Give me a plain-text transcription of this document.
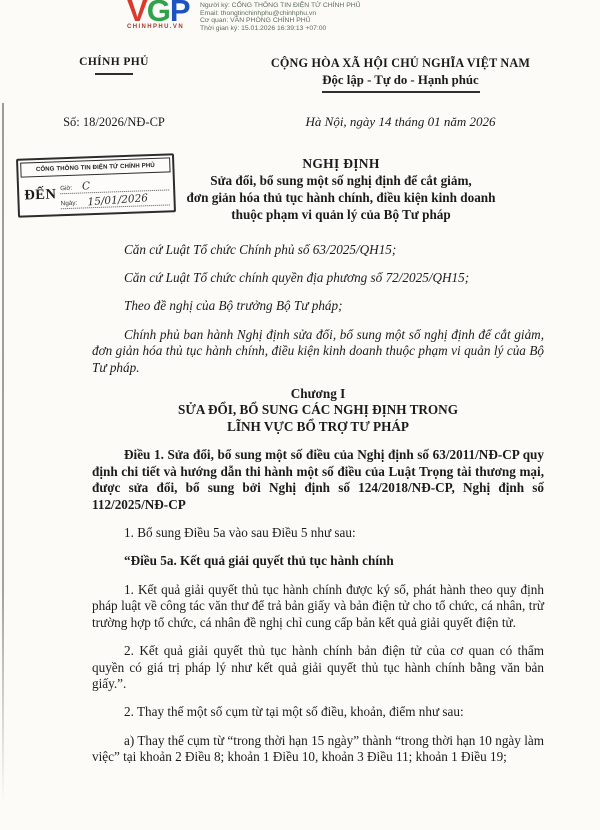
VGP
CHINHPHU.VN
Người ký: CỔNG THÔNG TIN ĐIỆN TỬ CHÍNH PHỦ
Email: thongtinchinhphu@chinhphu.vn
Cơ quan: VĂN PHÒNG CHÍNH PHỦ
Thời gian ký: 15.01.2026 16:39:13 +07:00
CHÍNH PHỦ	CỘNG HÒA XÃ HỘI CHỦ NGHĨA VIỆT NAM
Độc lập - Tự do - Hạnh phúc
Số: 18/2026/NĐ-CP	Hà Nội, ngày 14 tháng 01 năm 2026
CỔNG THÔNG TIN ĐIỆN TỬ CHÍNH PHỦ
ĐẾN Giờ: C
Ngày: 15/01/2026
NGHỊ ĐỊNH
Sửa đổi, bổ sung một số nghị định để cắt giảm,
đơn giản hóa thủ tục hành chính, điều kiện kinh doanh
thuộc phạm vi quản lý của Bộ Tư pháp

Căn cứ Luật Tổ chức Chính phủ số 63/2025/QH15;

Căn cứ Luật Tổ chức chính quyền địa phương số 72/2025/QH15;

Theo đề nghị của Bộ trưởng Bộ Tư pháp;

Chính phủ ban hành Nghị định sửa đổi, bổ sung một số nghị định để cắt giảm, đơn giản hóa thủ tục hành chính, điều kiện kinh doanh thuộc phạm vi quản lý của Bộ Tư pháp.

Chương I
SỬA ĐỔI, BỔ SUNG CÁC NGHỊ ĐỊNH TRONG
LĨNH VỰC BỔ TRỢ TƯ PHÁP

Điều 1. Sửa đổi, bổ sung một số điều của Nghị định số 63/2011/NĐ-CP quy định chi tiết và hướng dẫn thi hành một số điều của Luật Trọng tài thương mại, được sửa đổi, bổ sung bởi Nghị định số 124/2018/NĐ-CP, Nghị định số 112/2025/NĐ-CP

1. Bổ sung Điều 5a vào sau Điều 5 như sau:

“Điều 5a. Kết quả giải quyết thủ tục hành chính

1. Kết quả giải quyết thủ tục hành chính được ký số, phát hành theo quy định pháp luật về công tác văn thư để trả bản giấy và bản điện tử cho tổ chức, cá nhân, trừ trường hợp tổ chức, cá nhân đề nghị chỉ cung cấp bản kết quả giải quyết điện tử.

2. Kết quả giải quyết thủ tục hành chính bản điện tử của cơ quan có thẩm quyền có giá trị pháp lý như kết quả giải quyết thủ tục hành chính bằng văn bản giấy.”.

2. Thay thế một số cụm từ tại một số điều, khoản, điểm như sau:

a) Thay thế cụm từ “trong thời hạn 15 ngày” thành “trong thời hạn 10 ngày làm việc” tại khoản 2 Điều 8; khoản 1 Điều 10, khoản 3 Điều 11; khoản 1 Điều 19;
